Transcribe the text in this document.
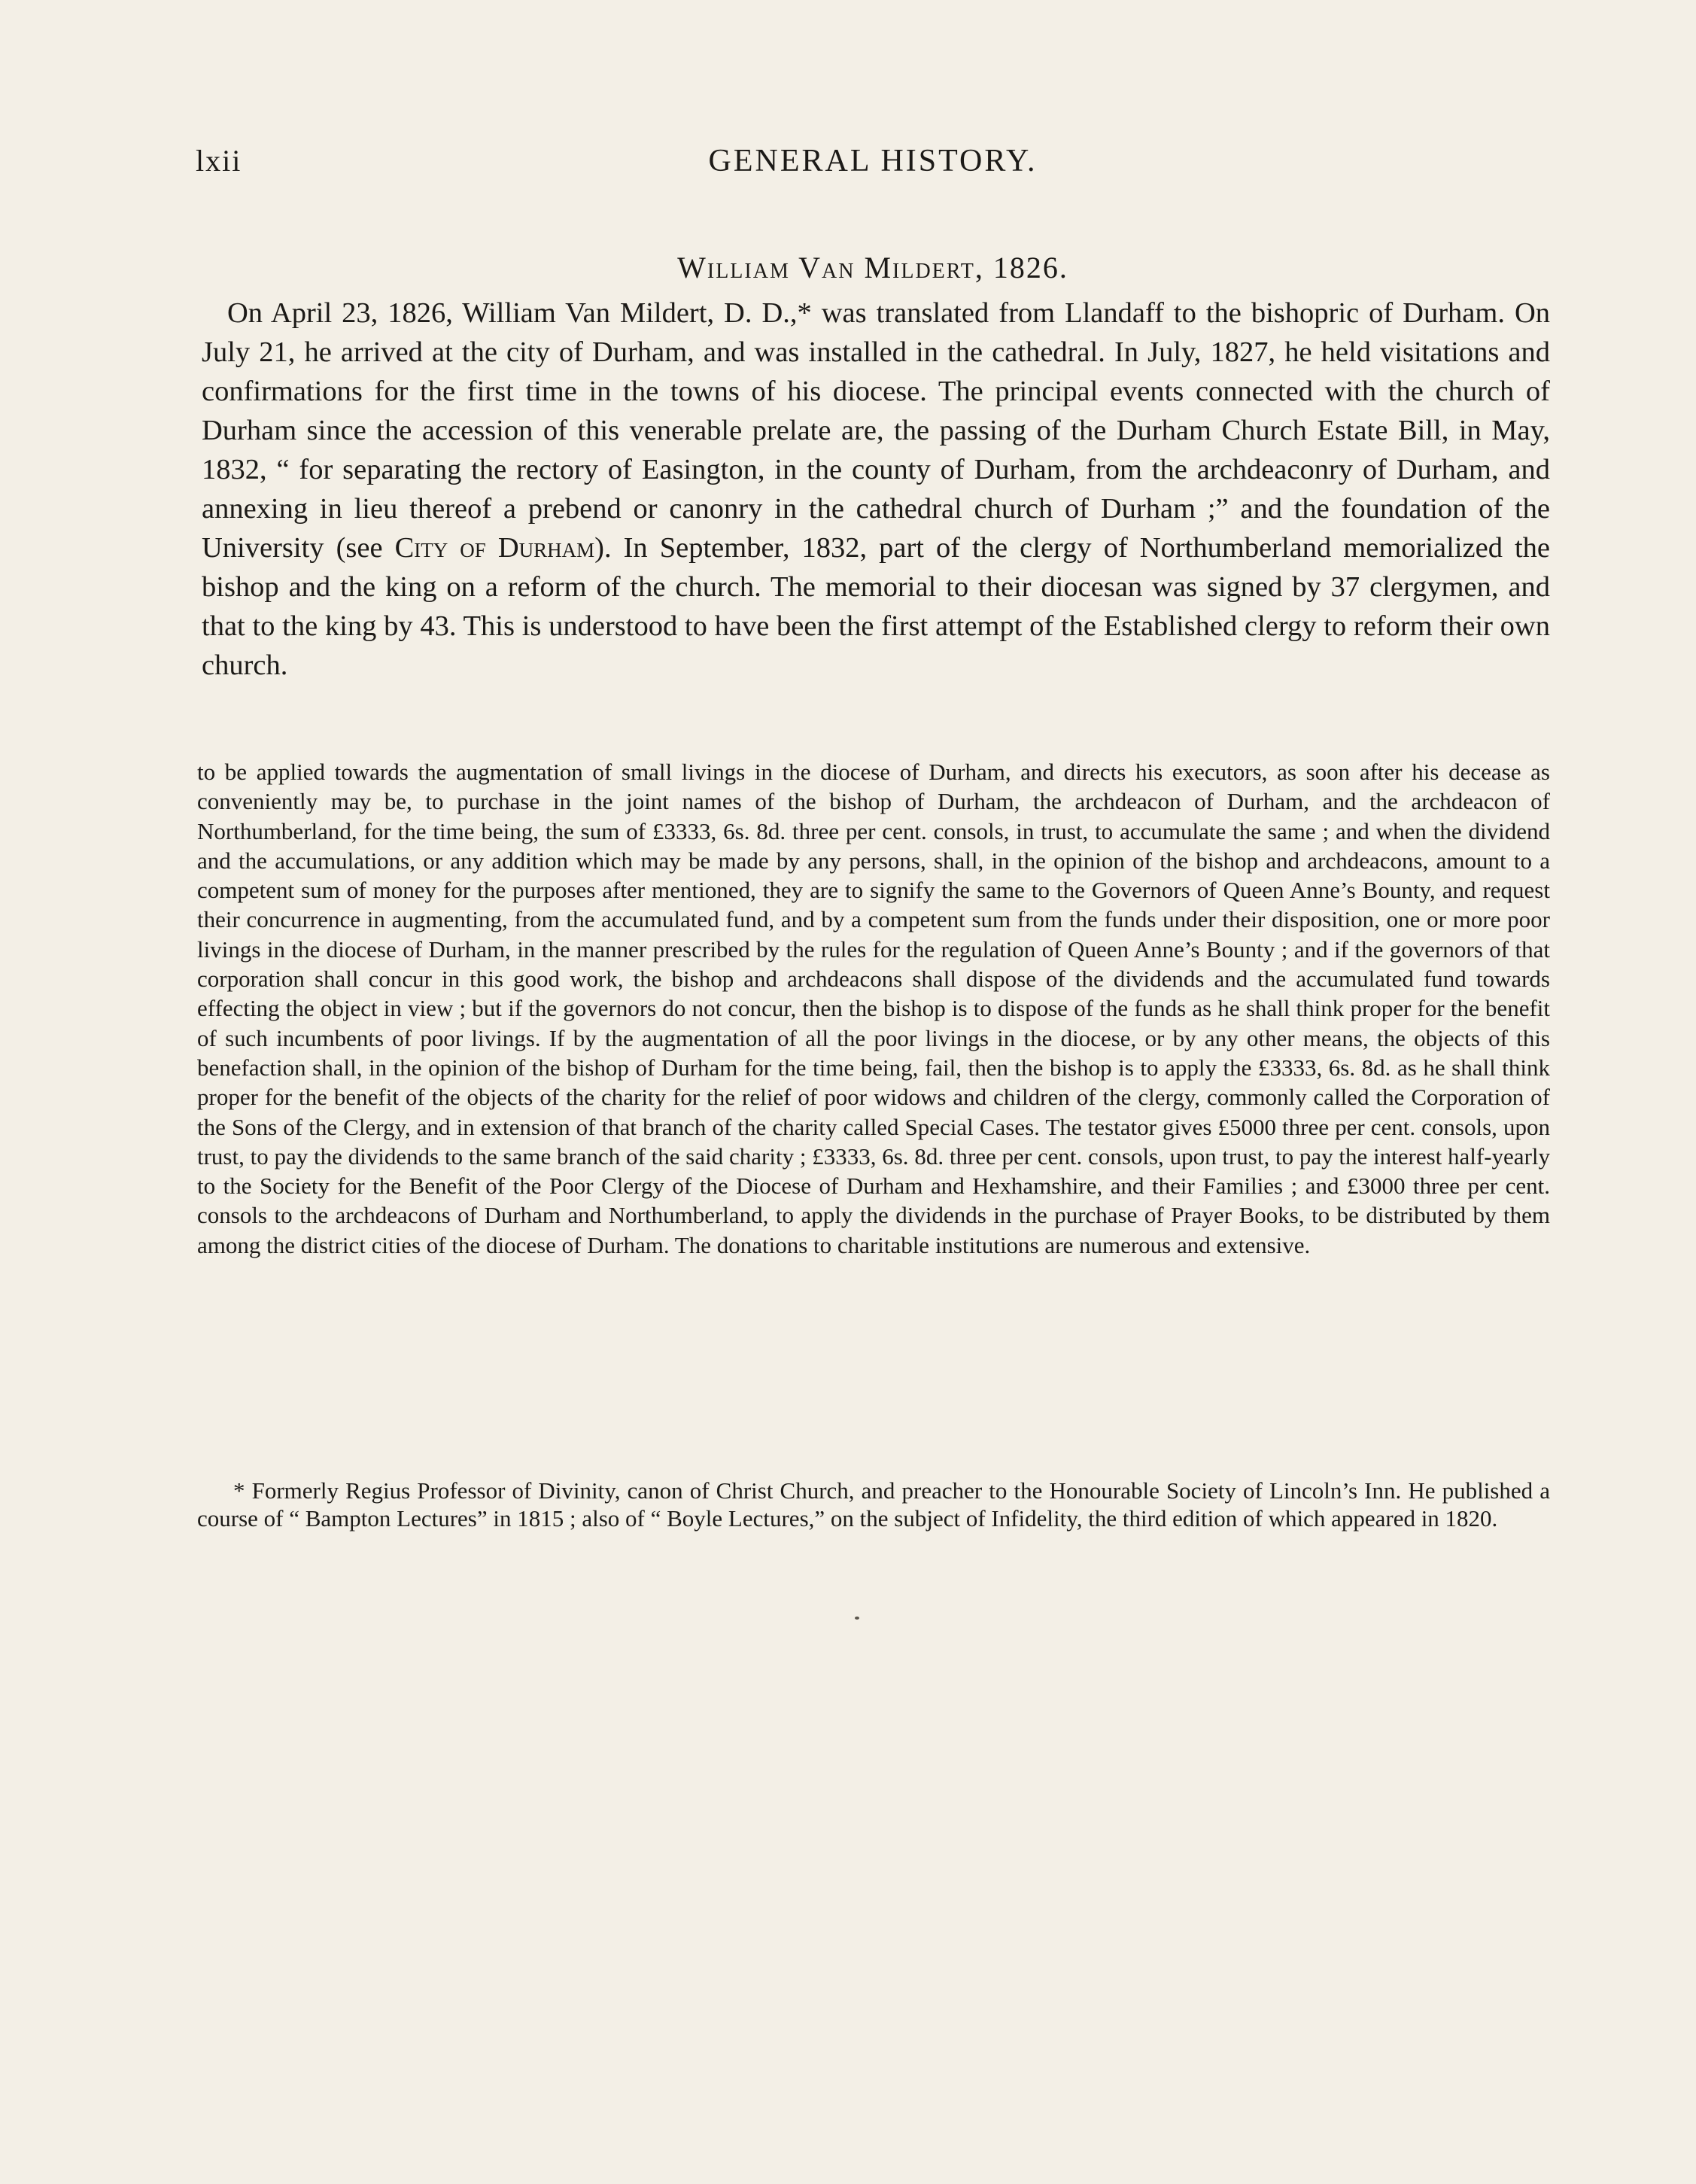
lxii	GENERAL HISTORY.
William Van Mildert, 1826.

On April 23, 1826, William Van Mildert, D. D.,* was translated from Llandaff to the bishopric of Durham. On July 21, he arrived at the city of Durham, and was installed in the cathedral. In July, 1827, he held visitations and confirmations for the first time in the towns of his diocese. The principal events connected with the church of Durham since the accession of this venerable prelate are, the passing of the Durham Church Estate Bill, in May, 1832, “ for separating the rectory of Easington, in the county of Durham, from the archdeaconry of Durham, and annexing in lieu thereof a prebend or canonry in the cathedral church of Durham ;” and the foundation of the University (see City of Durham). In September, 1832, part of the clergy of Northumberland memorialized the bishop and the king on a reform of the church. The memorial to their diocesan was signed by 37 clergymen, and that to the king by 43. This is understood to have been the first attempt of the Established clergy to reform their own church.

to be applied towards the augmentation of small livings in the diocese of Durham, and directs his executors, as soon after his decease as conveniently may be, to purchase in the joint names of the bishop of Durham, the archdeacon of Durham, and the archdeacon of Northumberland, for the time being, the sum of £3333, 6s. 8d. three per cent. consols, in trust, to accumulate the same ; and when the dividend and the accumulations, or any addition which may be made by any persons, shall, in the opinion of the bishop and archdeacons, amount to a competent sum of money for the purposes after mentioned, they are to signify the same to the Governors of Queen Anne’s Bounty, and request their concurrence in augmenting, from the accumulated fund, and by a competent sum from the funds under their disposition, one or more poor livings in the diocese of Durham, in the manner prescribed by the rules for the regulation of Queen Anne’s Bounty ; and if the governors of that corporation shall concur in this good work, the bishop and archdeacons shall dispose of the dividends and the accumulated fund towards effecting the object in view ; but if the governors do not concur, then the bishop is to dispose of the funds as he shall think proper for the benefit of such incumbents of poor livings. If by the augmentation of all the poor livings in the diocese, or by any other means, the objects of this benefaction shall, in the opinion of the bishop of Durham for the time being, fail, then the bishop is to apply the £3333, 6s. 8d. as he shall think proper for the benefit of the objects of the charity for the relief of poor widows and children of the clergy, commonly called the Corporation of the Sons of the Clergy, and in extension of that branch of the charity called Special Cases. The testator gives £5000 three per cent. consols, upon trust, to pay the dividends to the same branch of the said charity ; £3333, 6s. 8d. three per cent. consols, upon trust, to pay the interest half-yearly to the Society for the Benefit of the Poor Clergy of the Diocese of Durham and Hexhamshire, and their Families ; and £3000 three per cent. consols to the archdeacons of Durham and Northumberland, to apply the dividends in the purchase of Prayer Books, to be distributed by them among the district cities of the diocese of Durham. The donations to charitable institutions are numerous and extensive.

* Formerly Regius Professor of Divinity, canon of Christ Church, and preacher to the Honourable Society of Lincoln’s Inn. He published a course of “ Bampton Lectures” in 1815 ; also of “ Boyle Lectures,” on the subject of Infidelity, the third edition of which appeared in 1820.
